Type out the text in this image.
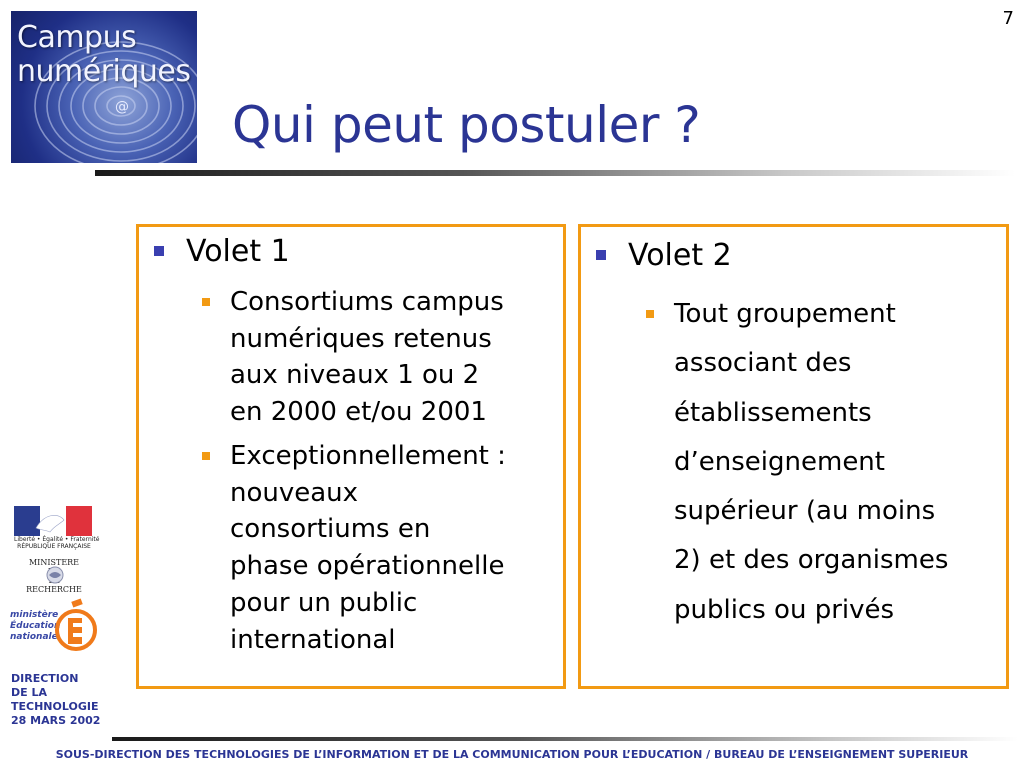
7
@
Campus
numériques
Qui peut postuler ?
Volet 1
Consortiums campus
numériques retenus
aux niveaux 1 ou 2
en 2000 et/ou 2001
Exceptionnellement :
nouveaux
consortiums en
phase opérationnelle
pour un public
international
Volet 2
Tout groupement
associant des
établissements
d’enseignement
supérieur (au moins
2) et des organismes
publics ou privés
Liberté • Égalité • Fraternité
RÉPUBLIQUE FRANÇAISE
MINISTERE
RECHERCHE
ministère
Éducation
nationale
DIRECTION
DE LA
TECHNOLOGIE
28 MARS 2002
SOUS-DIRECTION DES TECHNOLOGIES DE L’INFORMATION ET DE LA COMMUNICATION POUR L’EDUCATION / BUREAU DE L’ENSEIGNEMENT SUPERIEUR
